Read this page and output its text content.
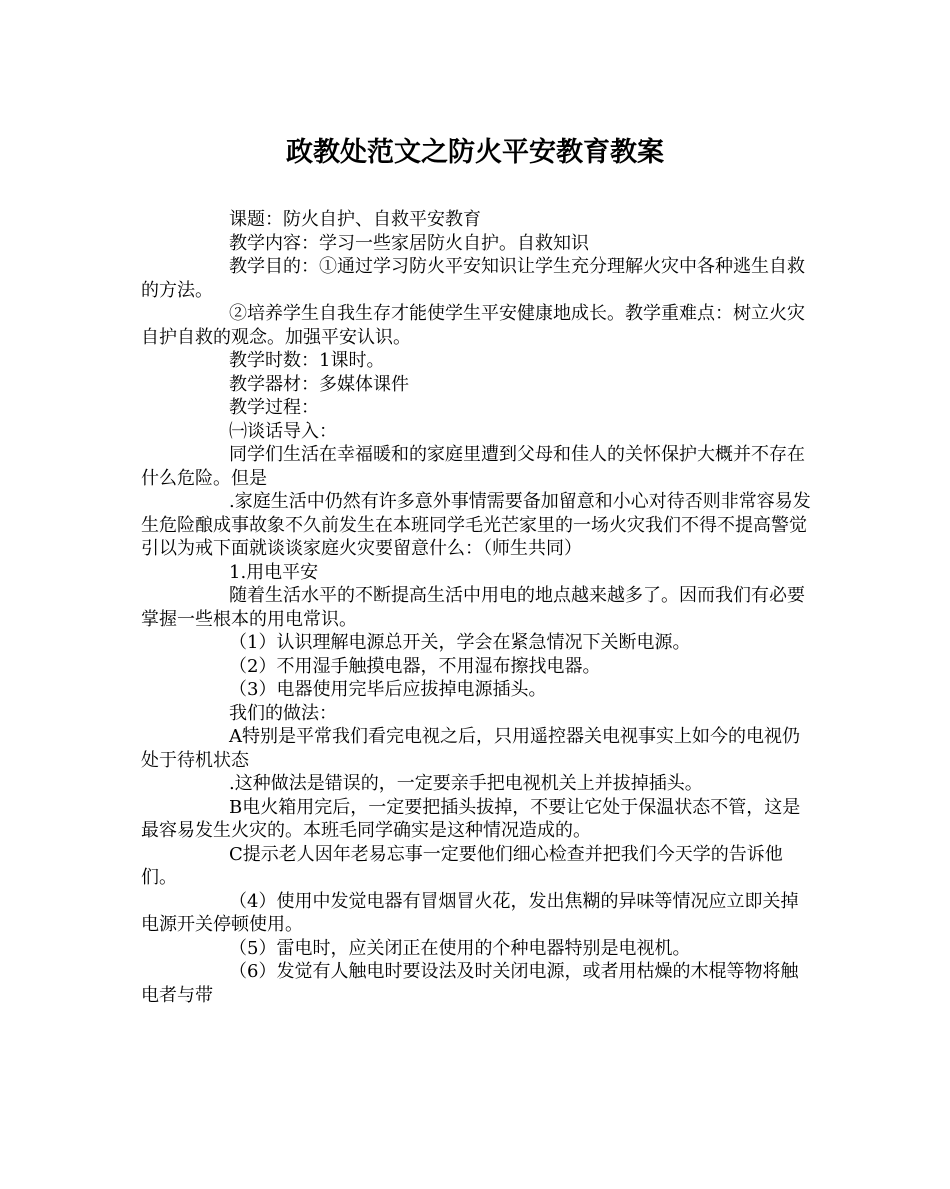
政教处范文之防火平安教育教案

课题：防火自护、自救平安教育

教学内容：学习一些家居防火自护。自救知识

教学目的：①通过学习防火平安知识让学生充分理解火灾中各种逃生自救的方法。

②培养学生自我生存才能使学生平安健康地成长。教学重难点：树立火灾自护自救的观念。加强平安认识。

教学时数：1课时。

教学器材：多媒体课件

教学过程：

㈠谈话导入：

同学们生活在幸福暖和的家庭里遭到父母和佳人的关怀保护大概并不存在什么危险。但是

.家庭生活中仍然有许多意外事情需要备加留意和小心对待否则非常容易发生危险酿成事故象不久前发生在本班同学毛光芒家里的一场火灾我们不得不提高警觉引以为戒下面就谈谈家庭火灾要留意什么：（师生共同）

1.用电平安

随着生活水平的不断提高生活中用电的地点越来越多了。因而我们有必要掌握一些根本的用电常识。

（1）认识理解电源总开关，学会在紧急情况下关断电源。

（2）不用湿手触摸电器，不用湿布擦找电器。

（3）电器使用完毕后应拔掉电源插头。

我们的做法：

A特别是平常我们看完电视之后，只用遥控器关电视事实上如今的电视仍处于待机状态

.这种做法是错误的，一定要亲手把电视机关上并拔掉插头。

B电火箱用完后，一定要把插头拔掉，不要让它处于保温状态不管，这是最容易发生火灾的。本班毛同学确实是这种情况造成的。

C提示老人因年老易忘事一定要他们细心检查并把我们今天学的告诉他们。

（4）使用中发觉电器有冒烟冒火花，发出焦糊的异味等情况应立即关掉电源开关停顿使用。

（5）雷电时，应关闭正在使用的个种电器特别是电视机。

（6）发觉有人触电时要设法及时关闭电源，或者用枯燥的木棍等物将触电者与带
